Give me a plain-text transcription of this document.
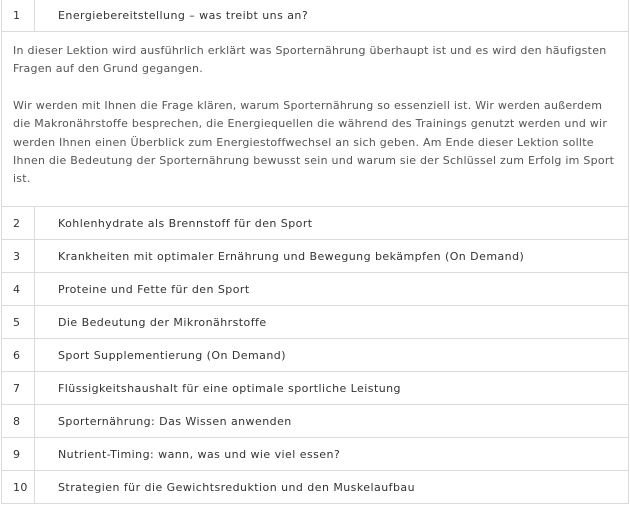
1	Energiebereitstellung – was treibt uns an?

In dieser Lektion wird ausführlich erklärt was Sporternährung überhaupt ist und es wird den häufigsten Fragen auf den Grund gegangen.

Wir werden mit Ihnen die Frage klären, warum Sporternährung so essenziell ist. Wir werden außerdem die Makronährstoffe besprechen, die Energiequellen die während des Trainings genutzt werden und wir werden Ihnen einen Überblick zum Energiestoffwechsel an sich geben. Am Ende dieser Lektion sollte Ihnen die Bedeutung der Sporternährung bewusst sein und warum sie der Schlüssel zum Erfolg im Sport ist.

2	Kohlenhydrate als Brennstoff für den Sport
3	Krankheiten mit optimaler Ernährung und Bewegung bekämpfen (On Demand)
4	Proteine und Fette für den Sport
5	Die Bedeutung der Mikronährstoffe
6	Sport Supplementierung (On Demand)
7	Flüssigkeitshaushalt für eine optimale sportliche Leistung
8	Sporternährung: Das Wissen anwenden
9	Nutrient-Timing: wann, was und wie viel essen?
10	Strategien für die Gewichtsreduktion und den Muskelaufbau
